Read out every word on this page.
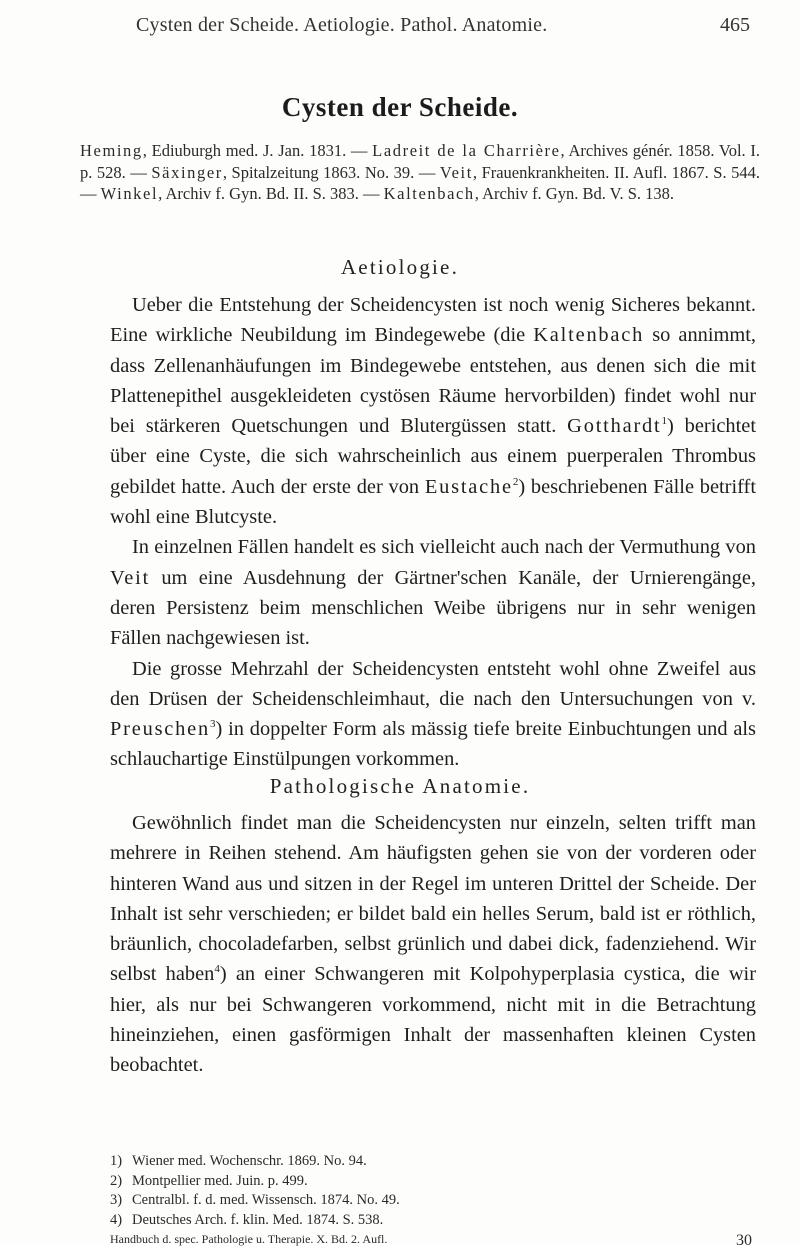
Cysten der Scheide. Aetiologie. Pathol. Anatomie.	465
Cysten der Scheide.
Heming, Ediuburgh med. J. Jan. 1831. — Ladreit de la Charrière, Archives génér. 1858. Vol. I. p. 528. — Säxinger, Spitalzeitung 1863. No. 39. — Veit, Frauenkrankheiten. II. Aufl. 1867. S. 544. — Winkel, Archiv f. Gyn. Bd. II. S. 383. — Kaltenbach, Archiv f. Gyn. Bd. V. S. 138.
Aetiologie.

Ueber die Entstehung der Scheidencysten ist noch wenig Sicheres bekannt. Eine wirkliche Neubildung im Bindegewebe (die Kaltenbach so annimmt, dass Zellenanhäufungen im Bindegewebe entstehen, aus denen sich die mit Plattenepithel ausgekleideten cystösen Räume hervorbilden) findet wohl nur bei stärkeren Quetschungen und Blutergüssen statt. Gotthardt$^1$) berichtet über eine Cyste, die sich wahrscheinlich aus einem puerperalen Thrombus gebildet hatte. Auch der erste der von Eustache$^2$) beschriebenen Fälle betrifft wohl eine Blutcyste.

In einzelnen Fällen handelt es sich vielleicht auch nach der Vermuthung von Veit um eine Ausdehnung der Gärtner'schen Kanäle, der Urnierengänge, deren Persistenz beim menschlichen Weibe übrigens nur in sehr wenigen Fällen nachgewiesen ist.

Die grosse Mehrzahl der Scheidencysten entsteht wohl ohne Zweifel aus den Drüsen der Scheidenschleimhaut, die nach den Untersuchungen von v. Preuschen$^3$) in doppelter Form als mässig tiefe breite Einbuchtungen und als schlauchartige Einstülpungen vorkommen.

Pathologische Anatomie.

Gewöhnlich findet man die Scheidencysten nur einzeln, selten trifft man mehrere in Reihen stehend. Am häufigsten gehen sie von der vorderen oder hinteren Wand aus und sitzen in der Regel im unteren Drittel der Scheide. Der Inhalt ist sehr verschieden; er bildet bald ein helles Serum, bald ist er röthlich, bräunlich, chocoladefarben, selbst grünlich und dabei dick, fadenziehend. Wir selbst haben$^4$) an einer Schwangeren mit Kolpohyperplasia cystica, die wir hier, als nur bei Schwangeren vorkommend, nicht mit in die Betrachtung hineinziehen, einen gasförmigen Inhalt der massenhaften kleinen Cysten beobachtet.

1) Wiener med. Wochenschr. 1869. No. 94.
2) Montpellier med. Juin. p. 499.
3) Centralbl. f. d. med. Wissensch. 1874. No. 49.
4) Deutsches Arch. f. klin. Med. 1874. S. 538.
Handbuch d. spec. Pathologie u. Therapie. X. Bd. 2. Aufl.	30
